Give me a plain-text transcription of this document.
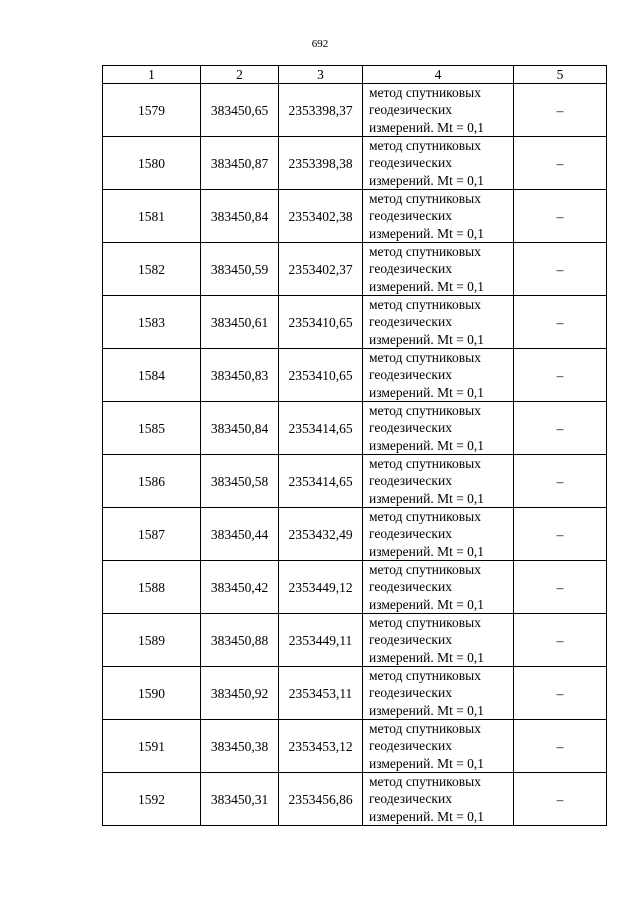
692
1	2	3	4	5
1579	383450,65	2353398,37	метод спутниковых
геодезических
измерений. Mt = 0,1	–
1580	383450,87	2353398,38	метод спутниковых
геодезических
измерений. Mt = 0,1	–
1581	383450,84	2353402,38	метод спутниковых
геодезических
измерений. Mt = 0,1	–
1582	383450,59	2353402,37	метод спутниковых
геодезических
измерений. Mt = 0,1	–
1583	383450,61	2353410,65	метод спутниковых
геодезических
измерений. Mt = 0,1	–
1584	383450,83	2353410,65	метод спутниковых
геодезических
измерений. Mt = 0,1	–
1585	383450,84	2353414,65	метод спутниковых
геодезических
измерений. Mt = 0,1	–
1586	383450,58	2353414,65	метод спутниковых
геодезических
измерений. Mt = 0,1	–
1587	383450,44	2353432,49	метод спутниковых
геодезических
измерений. Mt = 0,1	–
1588	383450,42	2353449,12	метод спутниковых
геодезических
измерений. Mt = 0,1	–
1589	383450,88	2353449,11	метод спутниковых
геодезических
измерений. Mt = 0,1	–
1590	383450,92	2353453,11	метод спутниковых
геодезических
измерений. Mt = 0,1	–
1591	383450,38	2353453,12	метод спутниковых
геодезических
измерений. Mt = 0,1	–
1592	383450,31	2353456,86	метод спутниковых
геодезических
измерений. Mt = 0,1	–
